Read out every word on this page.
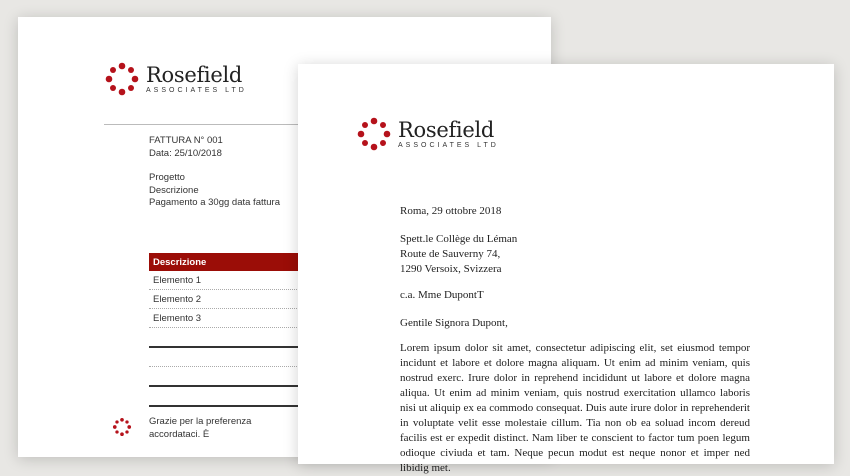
Rosefield
ASSOCIATES LTD
FATTURA N° 001
Data: 25/10/2018
Progetto
Descrizione
Pagamento a 30gg data fattura
Descrizione
Elemento 1
Elemento 2
Elemento 3

Grazie per la preferenza accordataci. È
Rosefield
ASSOCIATES LTD
Roma, 29 ottobre 2018
Spett.le Collège du Léman
Route de Sauverny 74,
1290 Versoix, Svizzera
c.a. Mme DupontT
Gentile Signora Dupont,
Lorem ipsum dolor sit amet, consectetur adipiscing elit, set eiusmod tempor incidunt et labore et dolore magna aliquam. Ut enim ad minim veniam, quis nostrud exerc. Irure dolor in reprehend incididunt ut labore et dolore magna aliqua. Ut enim ad minim veniam, quis nostrud exercitation ullamco laboris nisi ut aliquip ex ea commodo consequat. Duis aute irure dolor in reprehenderit in voluptate velit esse molestaie cillum. Tia non ob ea soluad incom dereud facilis est er expedit distinct. Nam liber te conscient to factor tum poen legum odioque civiuda et tam. Neque pecun modut est neque nonor et imper ned libidig met.
